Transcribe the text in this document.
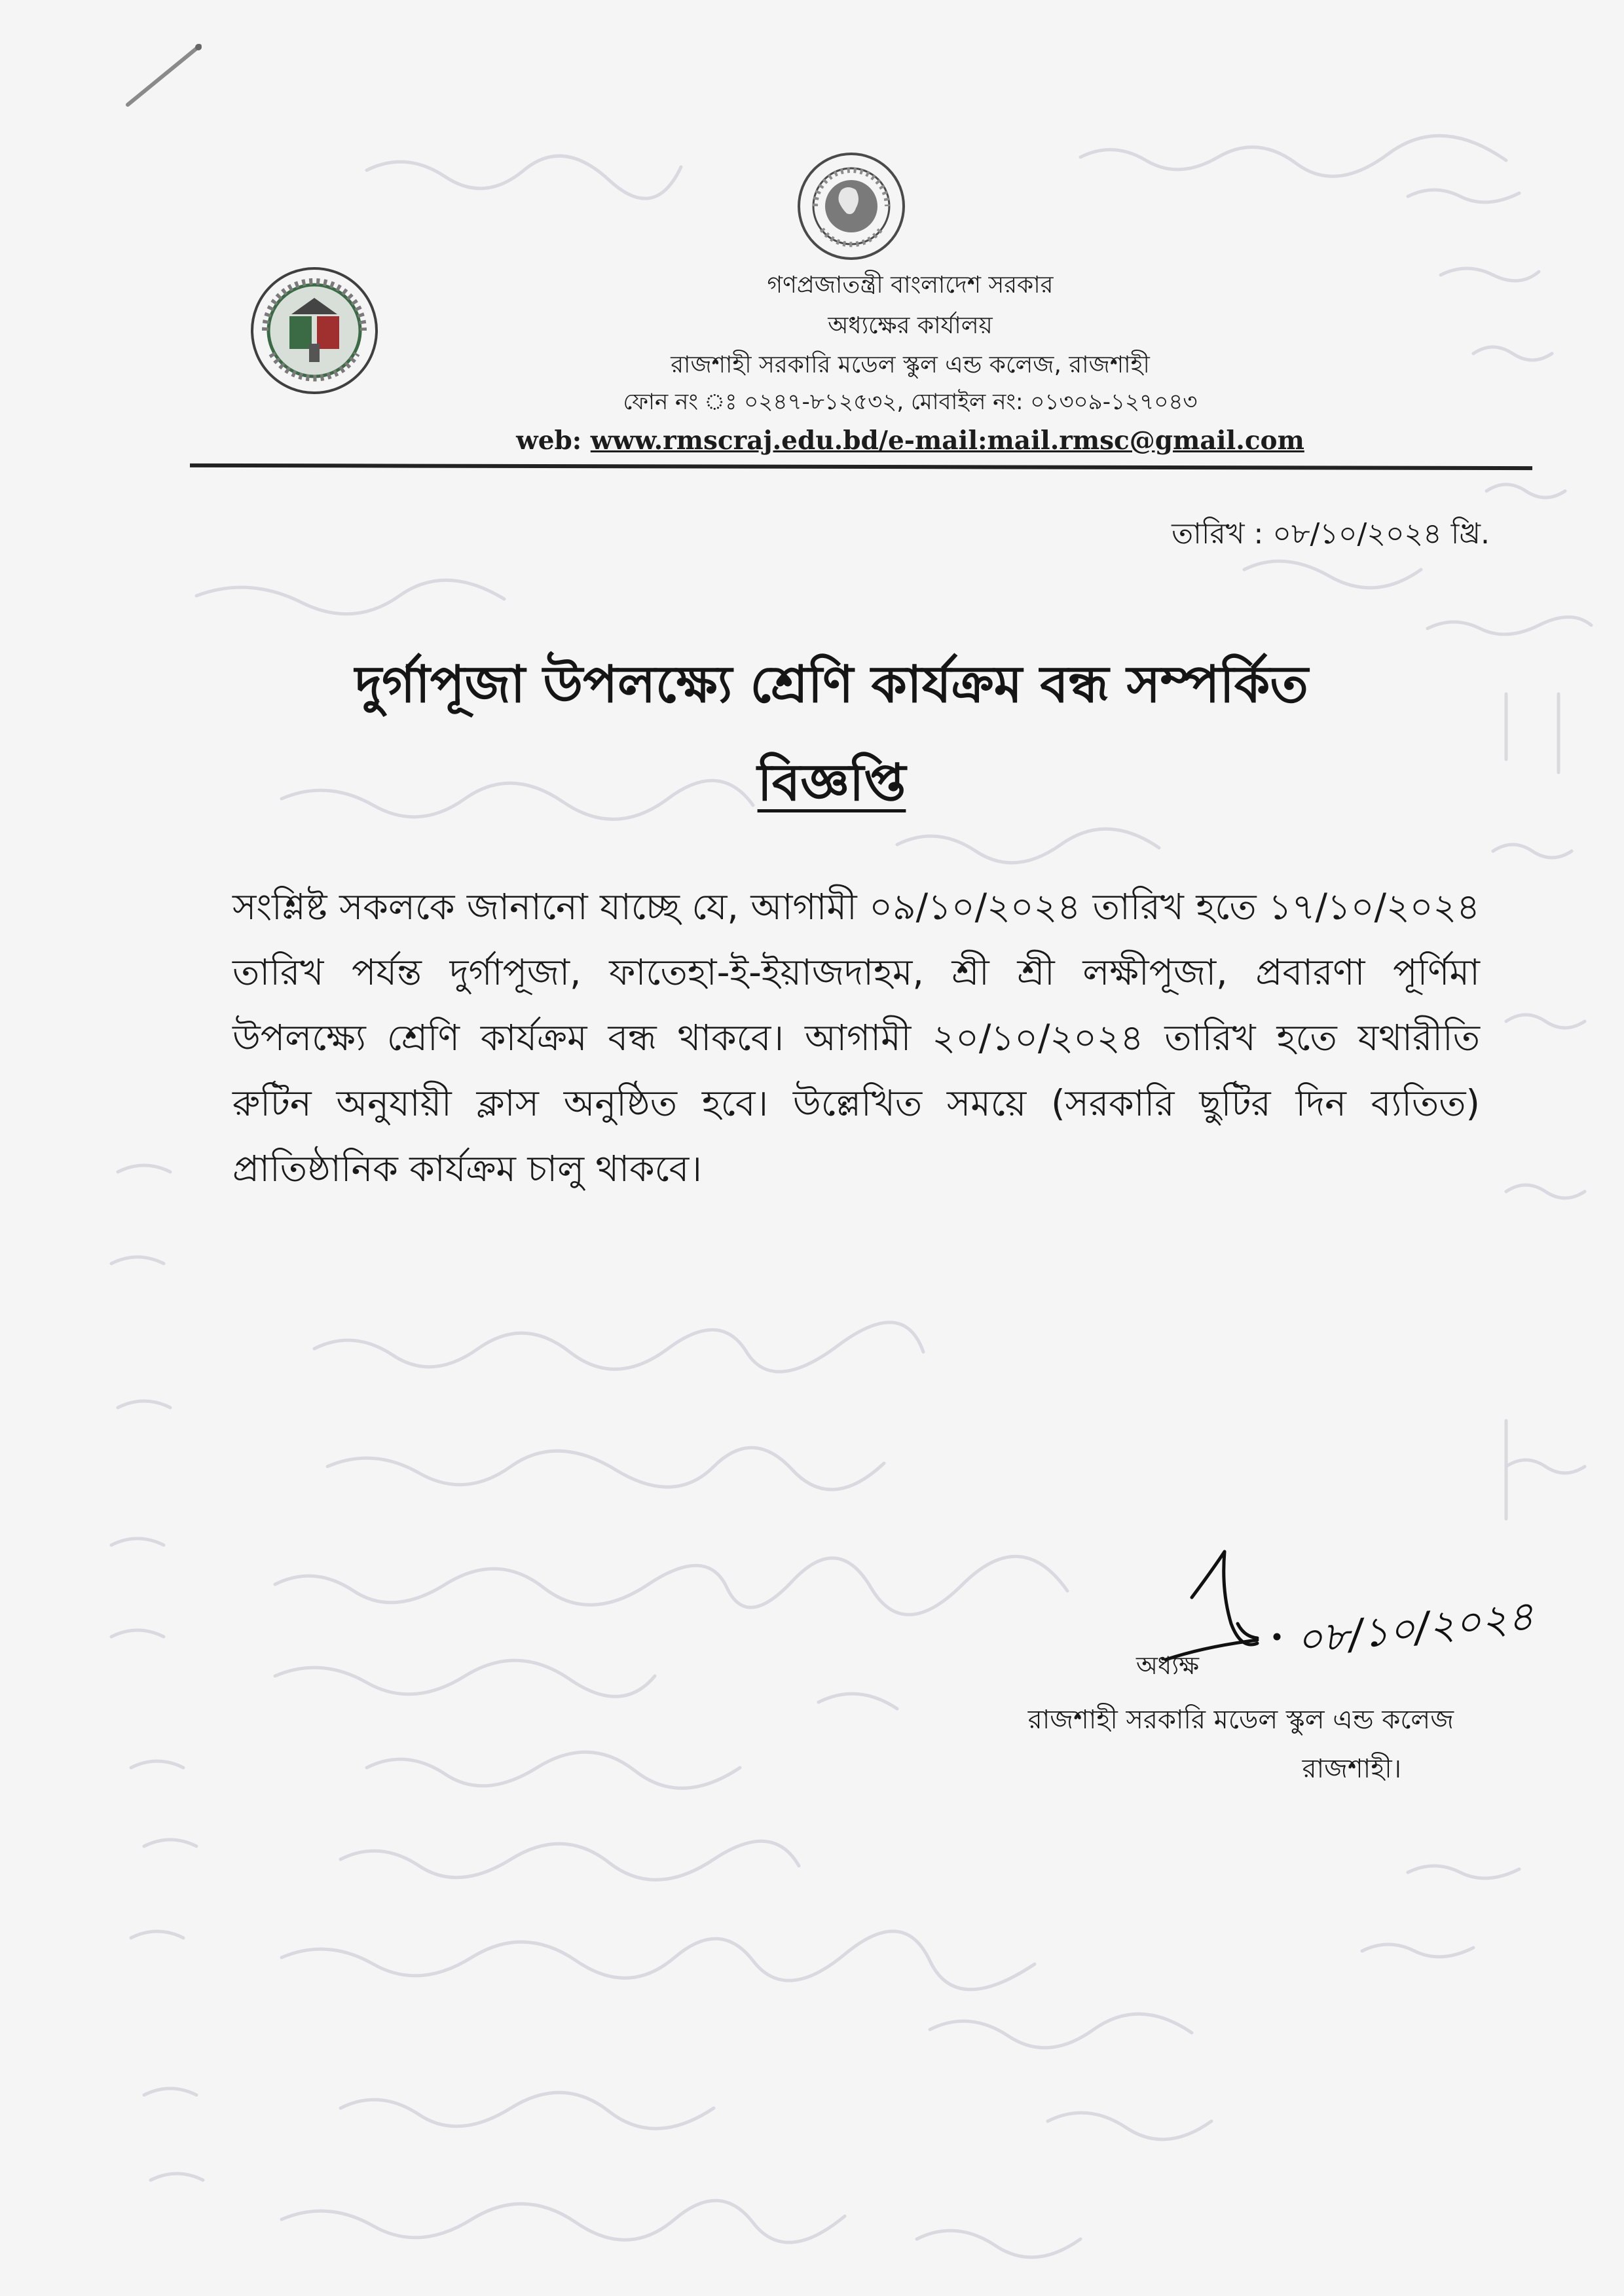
গণপ্রজাতন্ত্রী বাংলাদেশ সরকার
অধ্যক্ষের কার্যালয়
রাজশাহী সরকারি মডেল স্কুল এন্ড কলেজ, রাজশাহী
ফোন নং ঃ ০২৪৭-৮১২৫৩২, মোবাইল নং: ০১৩০৯-১২৭০৪৩
web: www.rmscraj.edu.bd/e-mail:mail.rmsc@gmail.com
তারিখ : ০৮/১০/২০২৪ খ্রি.
দুর্গাপূজা উপলক্ষ্যে শ্রেণি কার্যক্রম বন্ধ সম্পর্কিত
বিজ্ঞপ্তি
সংশ্লিষ্ট সকলকে জানানো যাচ্ছে যে, আগামী ০৯/১০/২০২৪ তারিখ হতে ১৭/১০/২০২৪ তারিখ পর্যন্ত দুর্গাপূজা, ফাতেহা-ই-ইয়াজদাহম, শ্রী শ্রী লক্ষীপূজা, প্রবারণা পূর্ণিমা উপলক্ষ্যে শ্রেণি কার্যক্রম বন্ধ থাকবে। আগামী ২০/১০/২০২৪ তারিখ হতে যথারীতি রুটিন অনুযায়ী ক্লাস অনুষ্ঠিত হবে। উল্লেখিত সময়ে (সরকারি ছুটির দিন ব্যতিত) প্রাতিষ্ঠানিক কার্যক্রম চালু থাকবে।
০৮/১০/২০২৪
অধ্যক্ষ
রাজশাহী সরকারি মডেল স্কুল এন্ড কলেজ
রাজশাহী।
